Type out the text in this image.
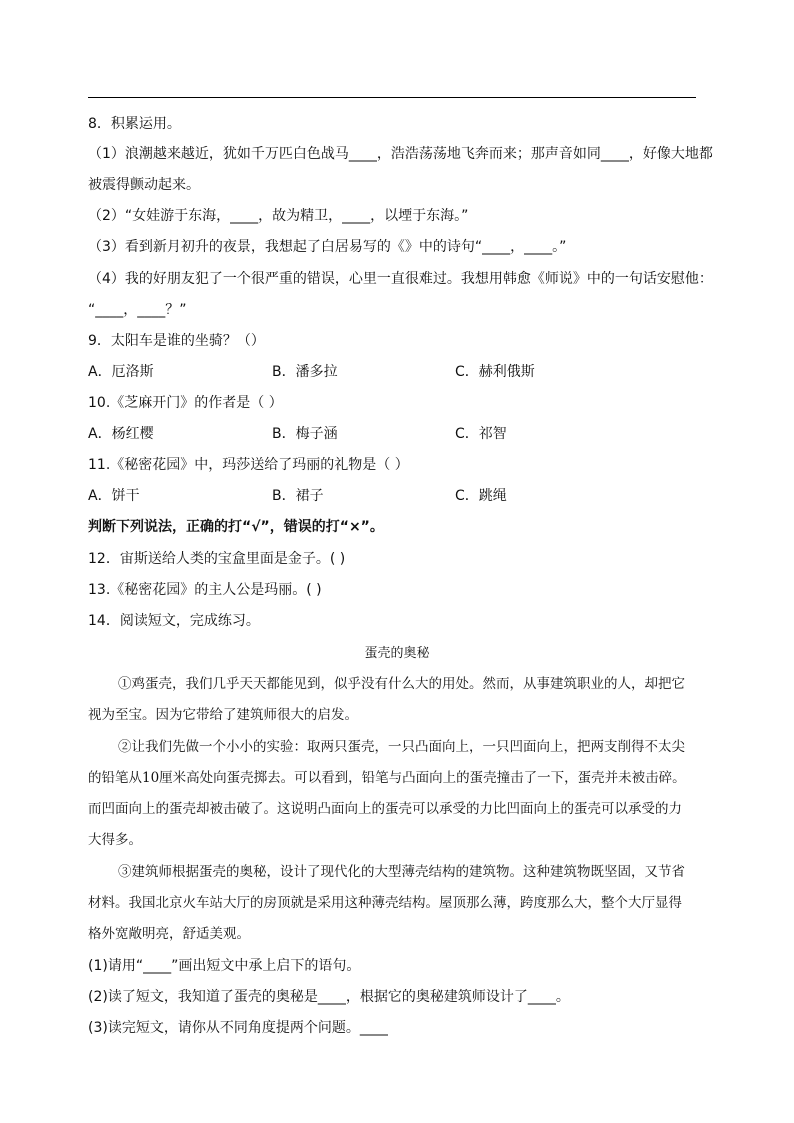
8．积累运用。
（1）浪潮越来越近，犹如千万匹白色战马____，浩浩荡荡地飞奔而来；那声音如同____，好像大地都
被震得颤动起来。
（2）“女娃游于东海，____，故为精卫，____，以堙于东海。”
（3）看到新月初升的夜景，我想起了白居易写的《》中的诗句“____，____。”
（4）我的好朋友犯了一个很严重的错误，心里一直很难过。我想用韩愈《师说》中的一句话安慰他：
“____，____？”
9．太阳车是谁的坐骑？（）
A．厄洛斯	B．潘多拉	C．赫利俄斯
10.《芝麻开门》的作者是（ ）
A．杨红樱	B．梅子涵	C．祁智
11.《秘密花园》中，玛莎送给了玛丽的礼物是（ ）
A．饼干	B．裙子	C．跳绳
判断下列说法，正确的打“√”，错误的打“×”。
12．宙斯送给人类的宝盒里面是金子。( )
13.《秘密花园》的主人公是玛丽。( )
14．阅读短文，完成练习。
蛋壳的奥秘
①鸡蛋壳，我们几乎天天都能见到，似乎没有什么大的用处。然而，从事建筑职业的人，却把它
视为至宝。因为它带给了建筑师很大的启发。
②让我们先做一个小小的实验：取两只蛋壳，一只凸面向上，一只凹面向上，把两支削得不太尖
的铅笔从10厘米高处向蛋壳掷去。可以看到，铅笔与凸面向上的蛋壳撞击了一下，蛋壳并未被击碎。
而凹面向上的蛋壳却被击破了。这说明凸面向上的蛋壳可以承受的力比凹面向上的蛋壳可以承受的力
大得多。
③建筑师根据蛋壳的奥秘，设计了现代化的大型薄壳结构的建筑物。这种建筑物既坚固，又节省
材料。我国北京火车站大厅的房顶就是采用这种薄壳结构。屋顶那么薄，跨度那么大，整个大厅显得
格外宽敞明亮，舒适美观。
(1)请用“____”画出短文中承上启下的语句。
(2)读了短文，我知道了蛋壳的奥秘是____，根据它的奥秘建筑师设计了____。
(3)读完短文，请你从不同角度提两个问题。____
